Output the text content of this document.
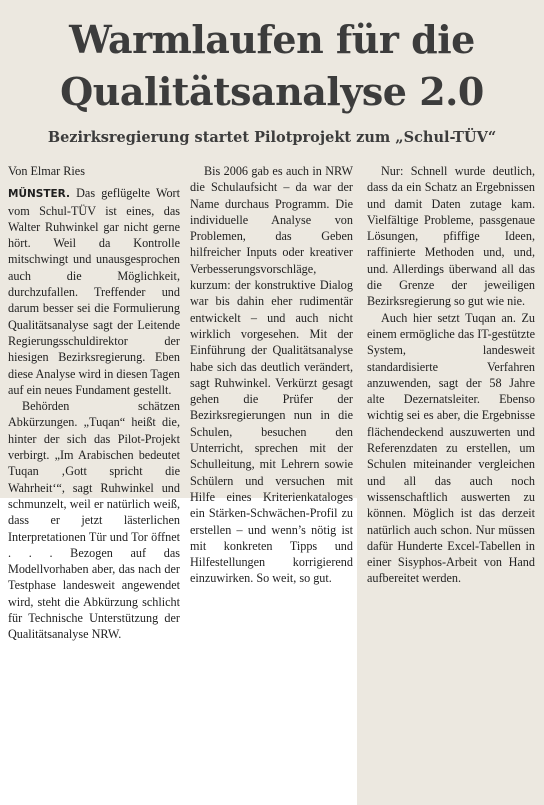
Warmlaufen für die
Qualitätsanalyse 2.0
Bezirksregierung startet Pilotprojekt zum „Schul-TÜV“
Von Elmar Ries

MÜNSTER. Das geflügelte Wort vom Schul-TÜV ist eines, das Walter Ruhwinkel gar nicht gerne hört. Weil da Kontrolle mitschwingt und unausgesprochen auch die Möglichkeit, durchzufallen. Treffender und darum besser sei die Formulierung Qualitätsanalyse sagt der Leitende Regierungsschuldirektor der hiesigen Bezirksregierung. Eben diese Analyse wird in diesen Tagen auf ein neues Fundament gestellt.

Behörden schätzen Abkürzungen. „Tuqan“ heißt die, hinter der sich das Pilot-Projekt verbirgt. „Im Arabischen bedeutet Tuqan ‚Gott spricht die Wahrheit‘“, sagt Ruhwinkel und schmunzelt, weil er natürlich weiß, dass er jetzt lästerlichen Interpretationen Tür und Tor öffnet . . . Bezogen auf das Modellvorhaben aber, das nach der Testphase landesweit angewendet wird, steht die Abkürzung schlicht für Technische Unterstützung der Qualitätsanalyse NRW.

Bis 2006 gab es auch in NRW die Schulaufsicht – da war der Name durchaus Programm. Die individuelle Analyse von Problemen, das Geben hilfreicher Inputs oder kreativer Verbesserungsvorschläge, kurzum: der konstruktive Dialog war bis dahin eher rudimentär entwickelt – und auch nicht wirklich vorgesehen. Mit der Einführung der Qualitätsanalyse habe sich das deutlich verändert, sagt Ruhwinkel. Verkürzt gesagt gehen die Prüfer der Bezirksregierungen nun in die Schulen, besuchen den Unterricht, sprechen mit der Schulleitung, mit Lehrern sowie Schülern und versuchen mit Hilfe eines Kriterienkataloges ein Stärken-Schwächen-Profil zu erstellen – und wenn’s nötig ist mit konkreten Tipps und Hilfestellungen korrigierend einzuwirken. So weit, so gut.

Nur: Schnell wurde deutlich, dass da ein Schatz an Ergebnissen und damit Daten zutage kam. Vielfältige Probleme, passgenaue Lösungen, pfiffige Ideen, raffinierte Methoden und, und, und. Allerdings überwand all das die Grenze der jeweiligen Bezirksregierung so gut wie nie.

Auch hier setzt Tuqan an. Zu einem ermögliche das IT-gestützte System, landesweit standardisierte Verfahren anzuwenden, sagt der 58 Jahre alte Dezernatsleiter. Ebenso wichtig sei es aber, die Ergebnisse flächendeckend auszuwerten und Referenzdaten zu erstellen, um Schulen miteinander vergleichen und all das auch noch wissenschaftlich auswerten zu können. Möglich ist das derzeit natürlich auch schon. Nur müssen dafür Hunderte Excel-Tabellen in einer Sisyphos-Arbeit von Hand aufbereitet werden.
